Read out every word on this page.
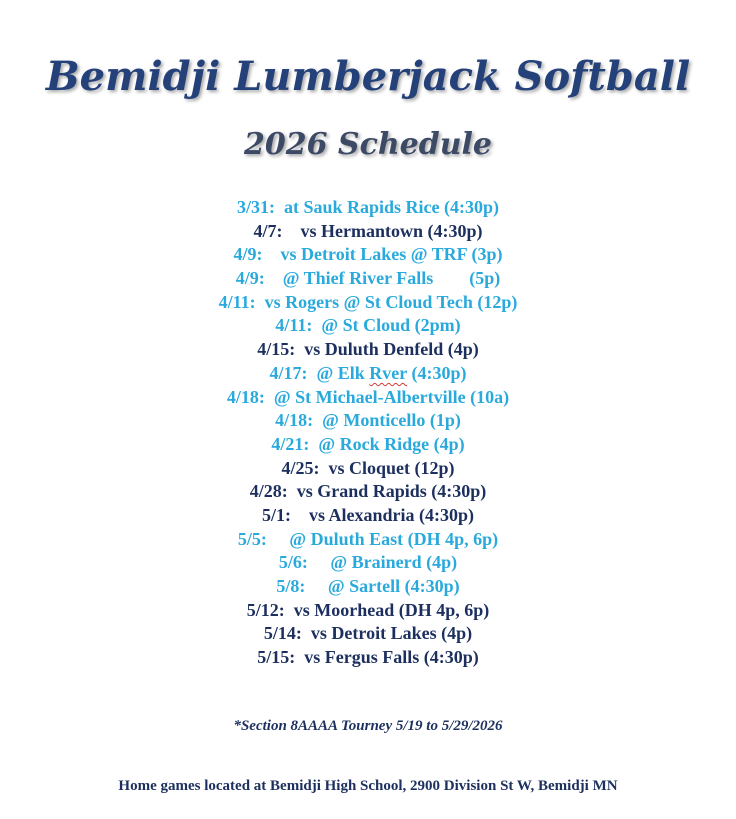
Bemidji Lumberjack Softball
2026 Schedule
3/31:  at Sauk Rapids Rice (4:30p)
4/7:    vs Hermantown (4:30p)
4/9:    vs Detroit Lakes @ TRF (3p)
4/9:    @ Thief River Falls        (5p)
4/11:  vs Rogers @ St Cloud Tech (12p)
4/11:  @ St Cloud (2pm)
4/15:  vs Duluth Denfeld (4p)
4/17:  @ Elk Rver (4:30p)
4/18:  @ St Michael-Albertville (10a)
4/18:  @ Monticello (1p)
4/21:  @ Rock Ridge (4p)
4/25:  vs Cloquet (12p)
4/28:  vs Grand Rapids (4:30p)
5/1:    vs Alexandria (4:30p)
5/5:     @ Duluth East (DH 4p, 6p)
5/6:     @ Brainerd (4p)
5/8:     @ Sartell (4:30p)
5/12:  vs Moorhead (DH 4p, 6p)
5/14:  vs Detroit Lakes (4p)
5/15:  vs Fergus Falls (4:30p)
*Section 8AAAA Tourney 5/19 to 5/29/2026
Home games located at Bemidji High School, 2900 Division St W, Bemidji MN
